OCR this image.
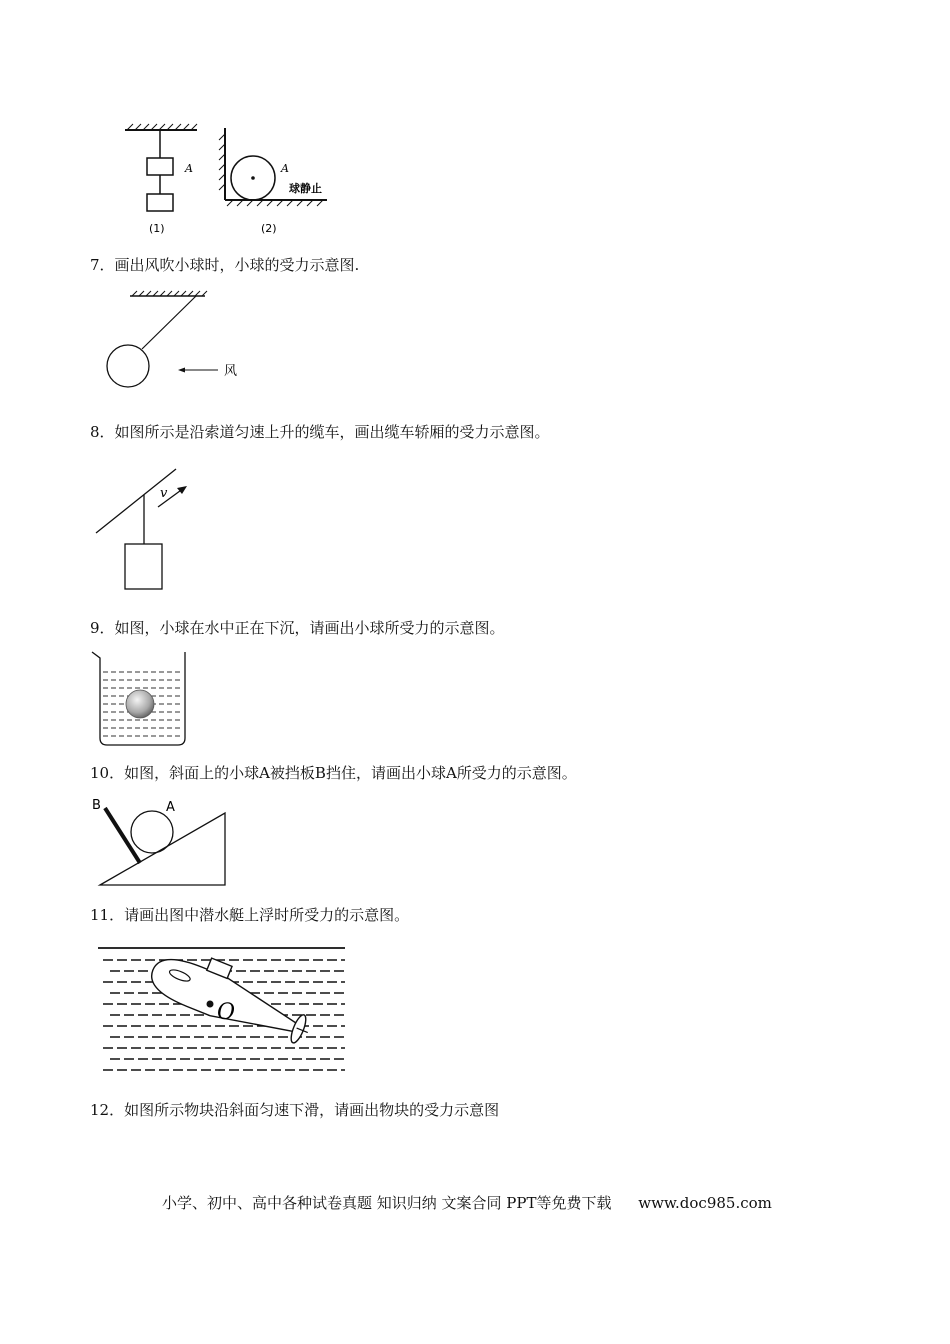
A
(1)
A
球静止
(2)
7．画出风吹小球时，小球的受力示意图.
风
8．如图所示是沿索道匀速上升的缆车，画出缆车轿厢的受力示意图。
v
9．如图，小球在水中正在下沉，请画出小球所受力的示意图。
10．如图，斜面上的小球A被挡板B挡住，请画出小球A所受力的示意图。
B	A
11．请画出图中潜水艇上浮时所受力的示意图。
O
12．如图所示物块沿斜面匀速下滑，请画出物块的受力示意图
小学、初中、高中各种试卷真题 知识归纳 文案合同 PPT等免费下载 www.doc985.com
